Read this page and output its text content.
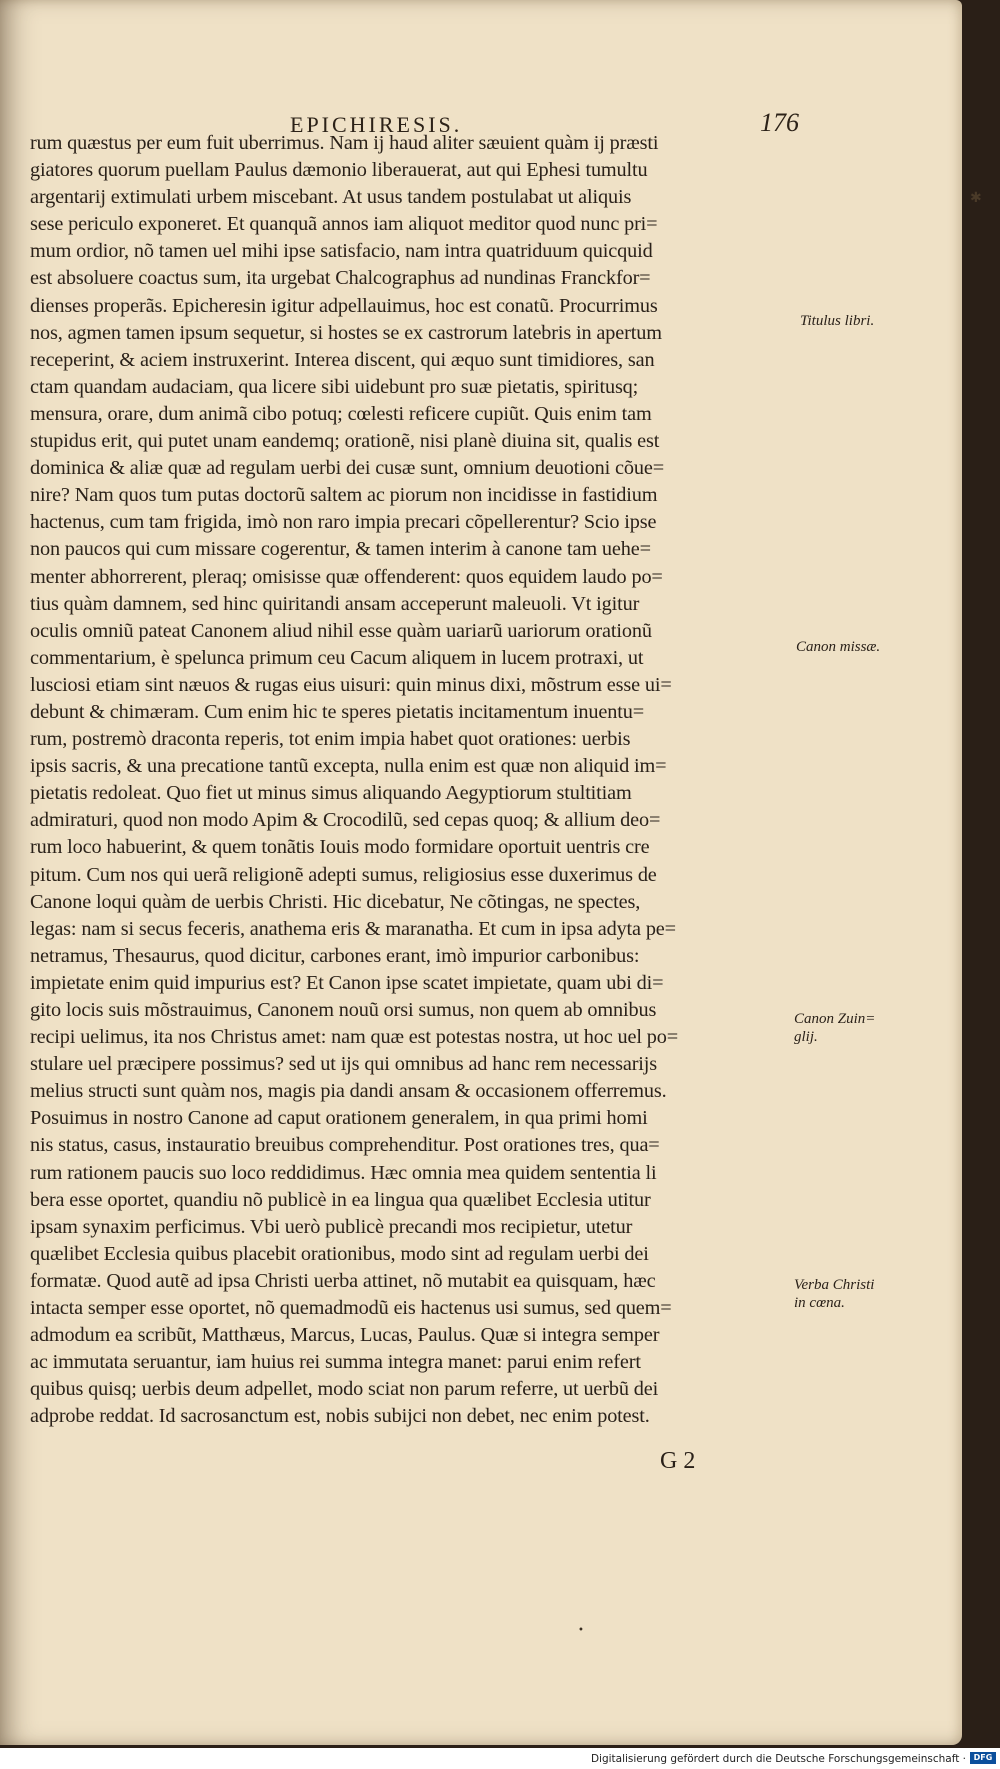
EPICHIRESIS.	176
rum quæstus per eum fuit uberrimus. Nam ij haud aliter sæuient quàm ij præsti
giatores quorum puellam Paulus dæmonio liberauerat, aut qui Ephesi tumultu
argentarij extimulati urbem miscebant. At usus tandem postulabat ut aliquis
sese periculo exponeret. Et quanquã annos iam aliquot meditor quod nunc pri=
mum ordior, nõ tamen uel mihi ipse satisfacio, nam intra quatriduum quicquid
est absoluere coactus sum, ita urgebat Chalcographus ad nundinas Franckfor=
dienses properãs. Epicheresin igitur adpellauimus, hoc est conatũ. Procurrimus
nos, agmen tamen ipsum sequetur, si hostes se ex castrorum latebris in apertum
receperint, & aciem instruxerint. Interea discent, qui æquo sunt timidiores, san
ctam quandam audaciam, qua licere sibi uidebunt pro suæ pietatis, spiritusq;
mensura, orare, dum animã cibo potuq; cœlesti reficere cupiũt. Quis enim tam
stupidus erit, qui putet unam eandemq; orationẽ, nisi planè diuina sit, qualis est
dominica & aliæ quæ ad regulam uerbi dei cusæ sunt, omnium deuotioni cõue=
nire? Nam quos tum putas doctorũ saltem ac piorum non incidisse in fastidium
hactenus, cum tam frigida, imò non raro impia precari cõpellerentur? Scio ipse
non paucos qui cum missare cogerentur, & tamen interim à canone tam uehe=
menter abhorrerent, pleraq; omisisse quæ offenderent: quos equidem laudo po=
tius quàm damnem, sed hinc quiritandi ansam acceperunt maleuoli. Vt igitur
oculis omniũ pateat Canonem aliud nihil esse quàm uariarũ uariorum orationũ
commentarium, è spelunca primum ceu Cacum aliquem in lucem protraxi, ut
lusciosi etiam sint næuos & rugas eius uisuri: quin minus dixi, mõstrum esse ui=
debunt & chimæram. Cum enim hic te speres pietatis incitamentum inuentu=
rum, postremò draconta reperis, tot enim impia habet quot orationes: uerbis
ipsis sacris, & una precatione tantũ excepta, nulla enim est quæ non aliquid im=
pietatis redoleat. Quo fiet ut minus simus aliquando Aegyptiorum stultitiam
admiraturi, quod non modo Apim & Crocodilũ, sed cepas quoq; & allium deo=
rum loco habuerint, & quem tonãtis Iouis modo formidare oportuit uentris cre
pitum. Cum nos qui uerã religionẽ adepti sumus, religiosius esse duxerimus de
Canone loqui quàm de uerbis Christi. Hic dicebatur, Ne cõtingas, ne spectes,
legas: nam si secus feceris, anathema eris & maranatha. Et cum in ipsa adyta pe=
netramus, Thesaurus, quod dicitur, carbones erant, imò impurior carbonibus:
impietate enim quid impurius est? Et Canon ipse scatet impietate, quam ubi di=
gito locis suis mõstrauimus, Canonem nouũ orsi sumus, non quem ab omnibus
recipi uelimus, ita nos Christus amet: nam quæ est potestas nostra, ut hoc uel po=
stulare uel præcipere possimus? sed ut ijs qui omnibus ad hanc rem necessarijs
melius structi sunt quàm nos, magis pia dandi ansam & occasionem offerremus.
Posuimus in nostro Canone ad caput orationem generalem, in qua primi homi
nis status, casus, instauratio breuibus comprehenditur. Post orationes tres, qua=
rum rationem paucis suo loco reddidimus. Hæc omnia mea quidem sententia li
bera esse oportet, quandiu nõ publicè in ea lingua qua quælibet Ecclesia utitur
ipsam synaxim perficimus. Vbi uerò publicè precandi mos recipietur, utetur
quælibet Ecclesia quibus placebit orationibus, modo sint ad regulam uerbi dei
formatæ. Quod autẽ ad ipsa Christi uerba attinet, nõ mutabit ea quisquam, hæc
intacta semper esse oportet, nõ quemadmodũ eis hactenus usi sumus, sed quem=
admodum ea scribũt, Matthæus, Marcus, Lucas, Paulus. Quæ si integra semper
ac immutata seruantur, iam huius rei summa integra manet: parui enim refert
quibus quisq; uerbis deum adpellet, modo sciat non parum referre, ut uerbũ dei
adprobe reddat. Id sacrosanctum est, nobis subijci non debet, nec enim potest.
Titulus libri.
Canon missæ.
Canon Zuin=
glij.
Verba Christi
in cœna.
✱
G 2
•
Digitalisierung gefördert durch die Deutsche Forschungsgemeinschaft · DFG
